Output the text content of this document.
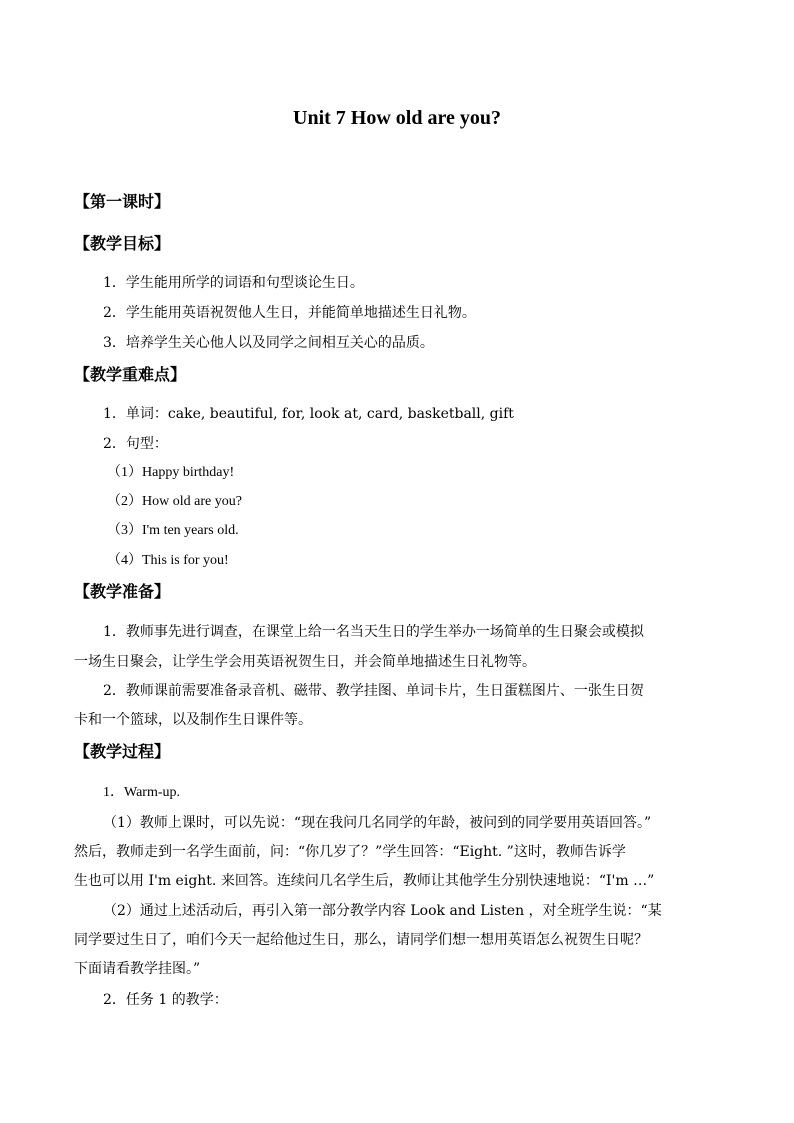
Unit 7 How old are you?
【第一课时】
【教学目标】
1．学生能用所学的词语和句型谈论生日。
2．学生能用英语祝贺他人生日，并能简单地描述生日礼物。
3．培养学生关心他人以及同学之间相互关心的品质。
【教学重难点】
1．单词：cake, beautiful, for, look at, card, basketball, gift
2．句型：
（1）Happy birthday!
（2）How old are you?
（3）I'm ten years old.
（4）This is for you!
【教学准备】
1．教师事先进行调查，在课堂上给一名当天生日的学生举办一场简单的生日聚会或模拟
一场生日聚会，让学生学会用英语祝贺生日，并会简单地描述生日礼物等。
2．教师课前需要准备录音机、磁带、教学挂图、单词卡片，生日蛋糕图片、一张生日贺
卡和一个篮球，以及制作生日课件等。
【教学过程】
1．Warm-up.
（1）教师上课时，可以先说：“现在我问几名同学的年龄，被问到的同学要用英语回答。”
然后，教师走到一名学生面前，问：“你几岁了？”学生回答：“Eight. ”这时，教师告诉学
生也可以用 I'm eight. 来回答。连续问几名学生后，教师让其他学生分别快速地说：“I'm …”
（2）通过上述活动后，再引入第一部分教学内容 Look and Listen ，对全班学生说：“某
同学要过生日了，咱们今天一起给他过生日，那么，请同学们想一想用英语怎么祝贺生日呢？
下面请看教学挂图。”
2．任务 1 的教学：
